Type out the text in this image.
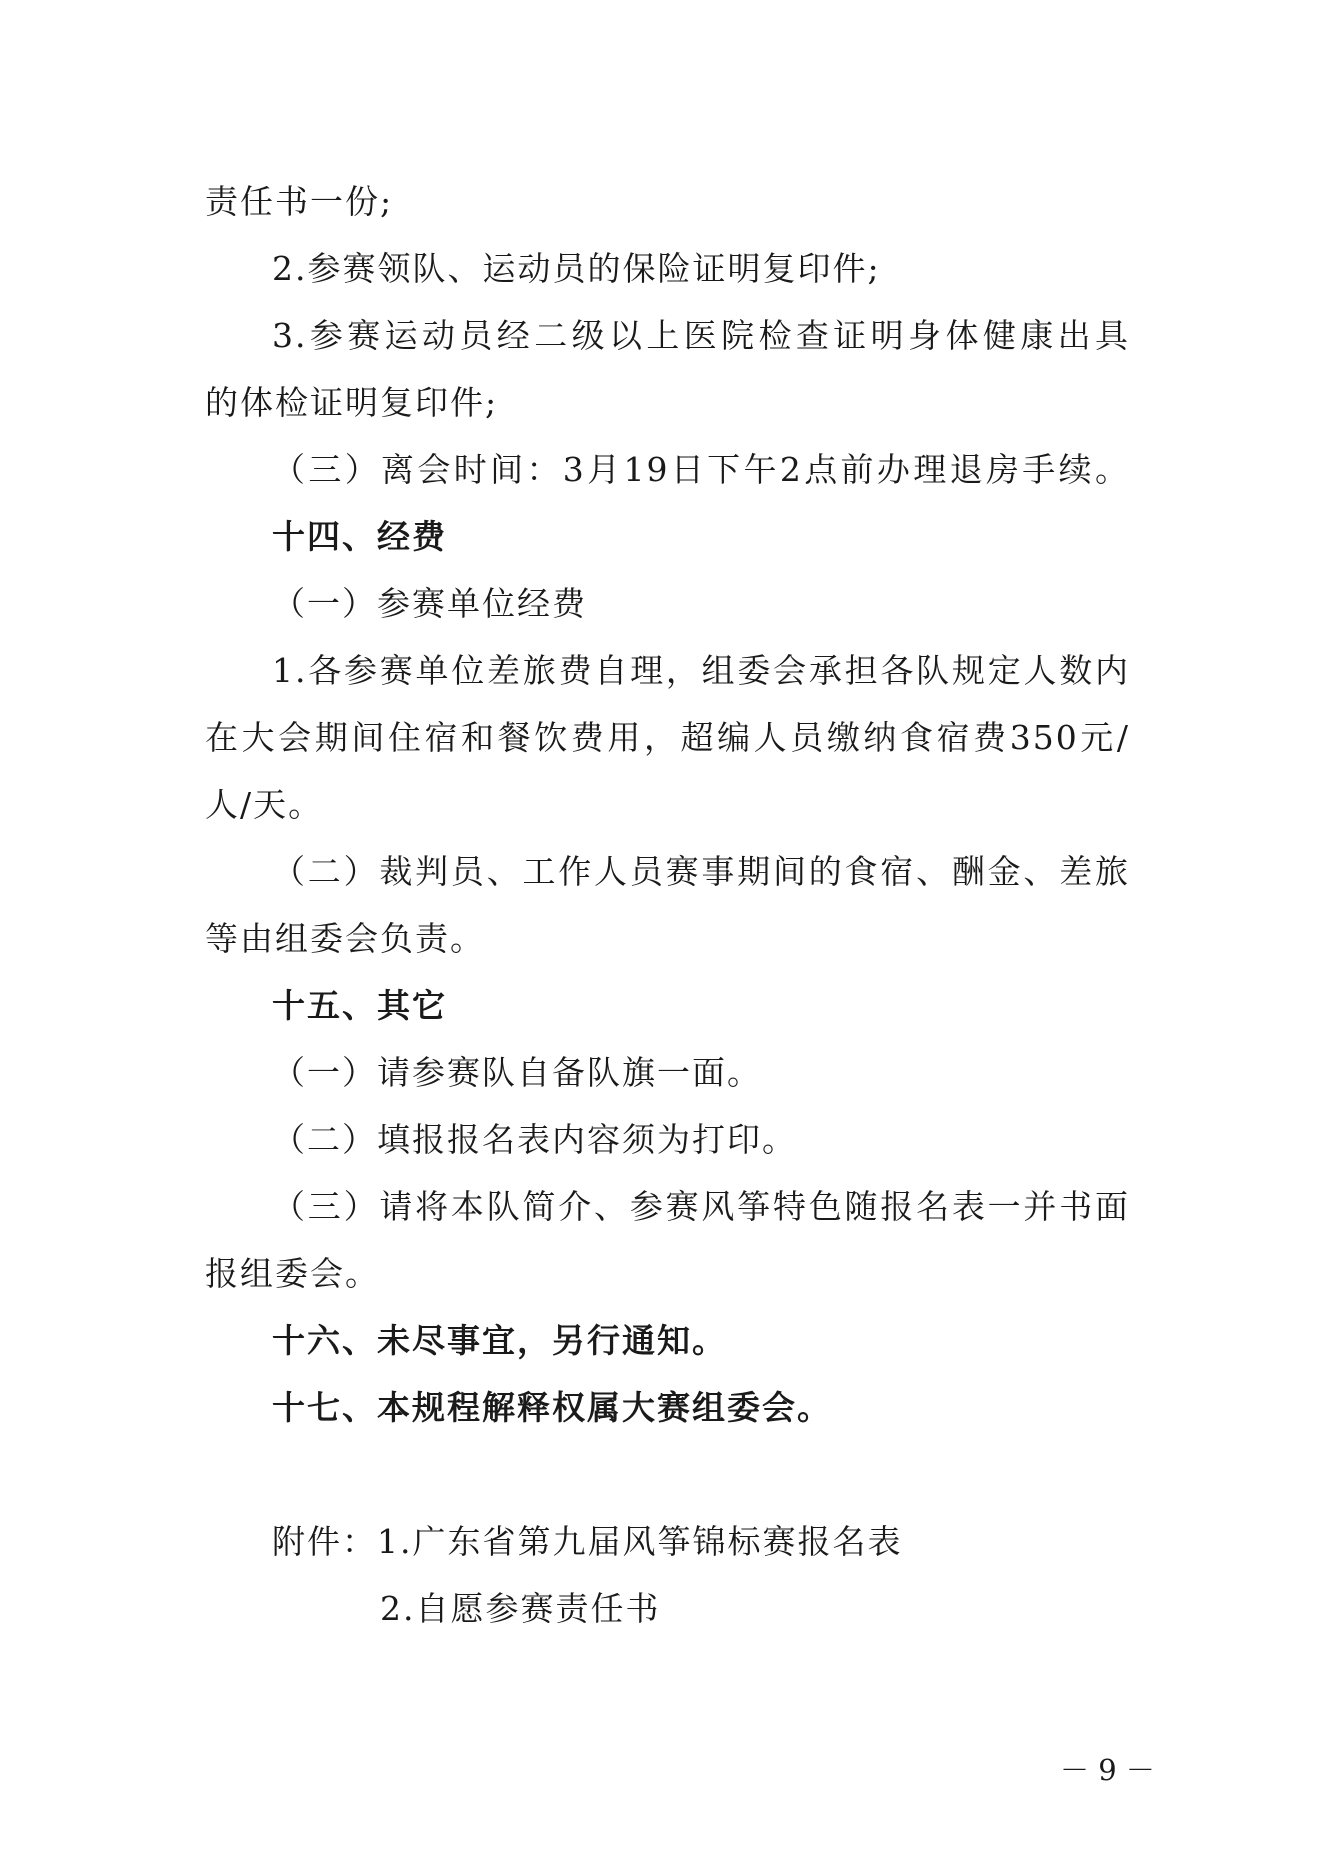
责任书一份;
2.参赛领队、运动员的保险证明复印件;
3.参赛运动员经二级以上医院检查证明身体健康出具
的体检证明复印件;
（三）离会时间：3月19日下午2点前办理退房手续。
十四、经费
（一）参赛单位经费
1.各参赛单位差旅费自理，组委会承担各队规定人数内
在大会期间住宿和餐饮费用，超编人员缴纳食宿费350元/
人/天。
（二）裁判员、工作人员赛事期间的食宿、酬金、差旅
等由组委会负责。
十五、其它
（一）请参赛队自备队旗一面。
（二）填报报名表内容须为打印。
（三）请将本队简介、参赛风筝特色随报名表一并书面
报组委会。
十六、未尽事宜，另行通知。
十七、本规程解释权属大赛组委会。
附件：1.广东省第九届风筝锦标赛报名表
2.自愿参赛责任书
－ 9 －
